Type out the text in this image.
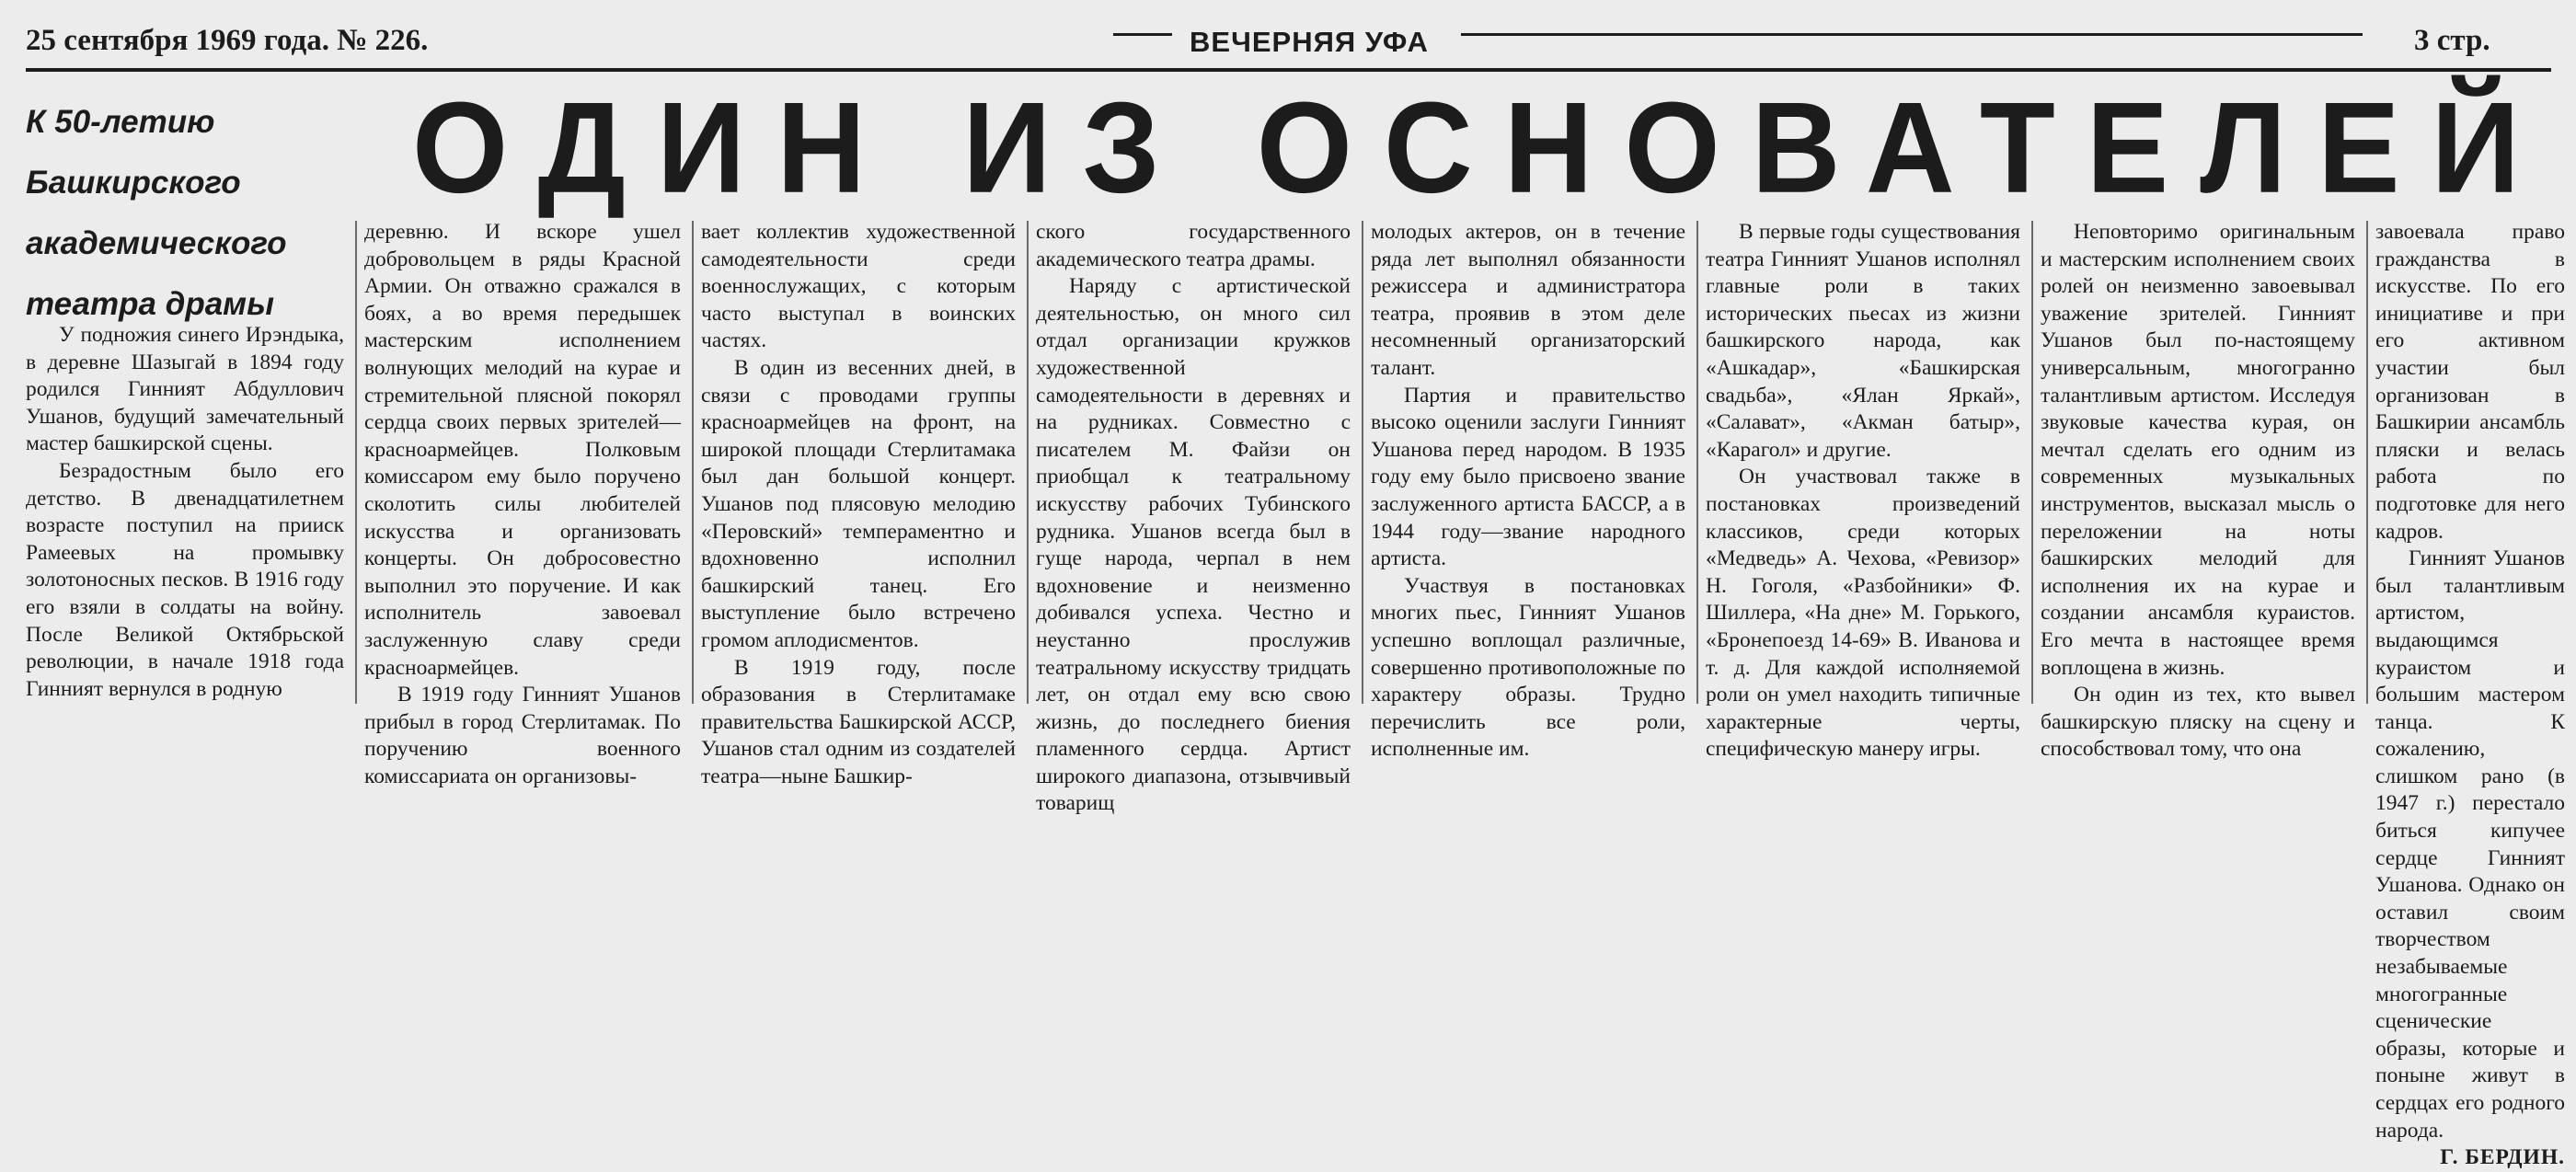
25 сентября 1969 года. № 226.	ВЕЧЕРНЯЯ УФА	3 стр.
К 50-летию
Башкирского
академического
театра драмы
ОДИН ИЗ ОСНОВАТЕЛЕЙ

У подножия синего Ирэндыка, в деревне Шазыгай в 1894 году родился Гинният Абдуллович Ушанов, будущий замечательный мастер башкирской сцены.

Безрадостным было его детство. В двенадцатилетнем возрасте поступил на прииск Рамеевых на промывку золотоносных песков. В 1916 году его взяли в солдаты на войну. После Великой Октябрьской революции, в начале 1918 года Гинният вернулся в родную

деревню. И вскоре ушел добровольцем в ряды Красной Армии. Он отважно сражался в боях, а во время передышек мастерским исполнением волнующих мелодий на курае и стремительной плясной покорял сердца своих первых зрителей—красноармейцев. Полковым комиссаром ему было поручено сколотить силы любителей искусства и организовать концерты. Он добросовестно выполнил это поручение. И как исполнитель завоевал заслуженную славу среди красноармейцев.

В 1919 году Гинният Ушанов прибыл в город Стерлитамак. По поручению военного комиссариата он организовы-

вает коллектив художественной самодеятельности среди военнослужащих, с которым часто выступал в воинских частях.

В один из весенних дней, в связи с проводами группы красноармейцев на фронт, на широкой площади Стерлитамака был дан большой концерт. Ушанов под плясовую мелодию «Перовский» темпераментно и вдохновенно исполнил башкирский танец. Его выступление было встречено громом аплодисментов.

В 1919 году, после образования в Стерлитамаке правительства Башкирской АССР, Ушанов стал одним из создателей театра—ныне Башкир-

ского государственного академического театра драмы.

Наряду с артистической деятельностью, он много сил отдал организации кружков художественной самодеятельности в деревнях и на рудниках. Совместно с писателем М. Файзи он приобщал к театральному искусству рабочих Тубинского рудника. Ушанов всегда был в гуще народа, черпал в нем вдохновение и неизменно добивался успеха. Честно и неустанно прослужив театральному искусству тридцать лет, он отдал ему всю свою жизнь, до последнего биения пламенного сердца. Артист широкого диапазона, отзывчивый товарищ

молодых актеров, он в течение ряда лет выполнял обязанности режиссера и администратора театра, проявив в этом деле несомненный организаторский талант.

Партия и правительство высоко оценили заслуги Гинният Ушанова перед народом. В 1935 году ему было присвоено звание заслуженного артиста БАССР, а в 1944 году—звание народного артиста.

Участвуя в постановках многих пьес, Гинният Ушанов успешно воплощал различные, совершенно противоположные по характеру образы. Трудно перечислить все роли, исполненные им.

В первые годы существования театра Гинният Ушанов исполнял главные роли в таких исторических пьесах из жизни башкирского народа, как «Ашкадар», «Башкирская свадьба», «Ялан Яркай», «Салават», «Акман батыр», «Карагол» и другие.

Он участвовал также в постановках произведений классиков, среди которых «Медведь» А. Чехова, «Ревизор» Н. Гоголя, «Разбойники» Ф. Шиллера, «На дне» М. Горького, «Бронепоезд 14-69» В. Иванова и т. д. Для каждой исполняемой роли он умел находить типичные характерные черты, специфическую манеру игры.

Неповторимо оригинальным и мастерским исполнением своих ролей он неизменно завоевывал уважение зрителей. Гинният Ушанов был по-настоящему универсальным, многогранно талантливым артистом. Исследуя звуковые качества курая, он мечтал сделать его одним из современных музыкальных инструментов, высказал мысль о переложении на ноты башкирских мелодий для исполнения их на курае и создании ансамбля кураистов. Его мечта в настоящее время воплощена в жизнь.

Он один из тех, кто вывел башкирскую пляску на сцену и способствовал тому, что она

завоевала право гражданства в искусстве. По его инициативе и при его активном участии был организован в Башкирии ансамбль пляски и велась работа по подготовке для него кадров.

Гинният Ушанов был талантливым артистом, выдающимся кураистом и большим мастером танца. К сожалению, слишком рано (в 1947 г.) перестало биться кипучее сердце Гинният Ушанова. Однако он оставил своим творчеством незабываемые многогранные сценические образы, которые и поныне живут в сердцах его родного народа.

Г. БЕРДИН.
